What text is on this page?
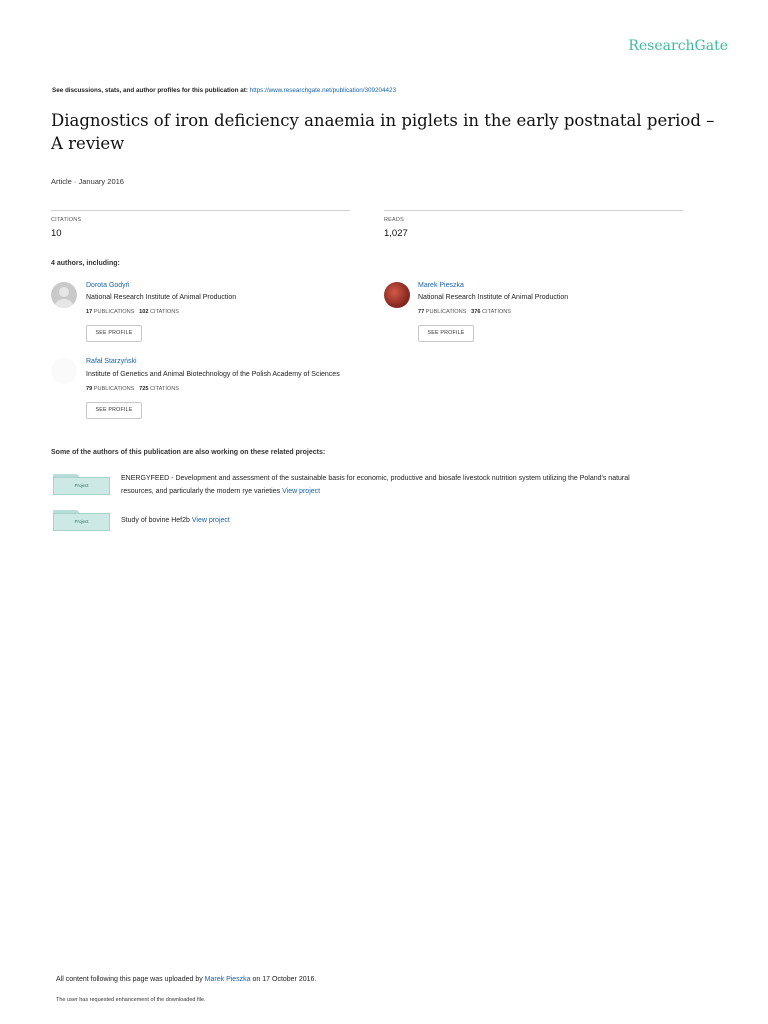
ResearchGate
See discussions, stats, and author profiles for this publication at: https://www.researchgate.net/publication/309204423
Diagnostics of iron deficiency anaemia in piglets in the early postnatal period – A review
Article · January 2016
CITATIONS
10
READS
1,027
4 authors, including:
Dorota Godyń
National Research Institute of Animal Production
17 PUBLICATIONS 102 CITATIONS
SEE PROFILE
Marek Pieszka
National Research Institute of Animal Production
77 PUBLICATIONS 376 CITATIONS
SEE PROFILE
Rafał Starzyński
Institute of Genetics and Animal Biotechnology of the Polish Academy of Sciences
79 PUBLICATIONS 725 CITATIONS
SEE PROFILE
Some of the authors of this publication are also working on these related projects:
Project
ENERGYFEED - Development and assessment of the sustainable basis for economic, productive and biosafe livestock nutrition system utilizing the Poland's natural
resources, and particularly the modern rye varieties View project
Project	Study of bovine Hef2b View project
All content following this page was uploaded by Marek Pieszka on 17 October 2016.
The user has requested enhancement of the downloaded file.
